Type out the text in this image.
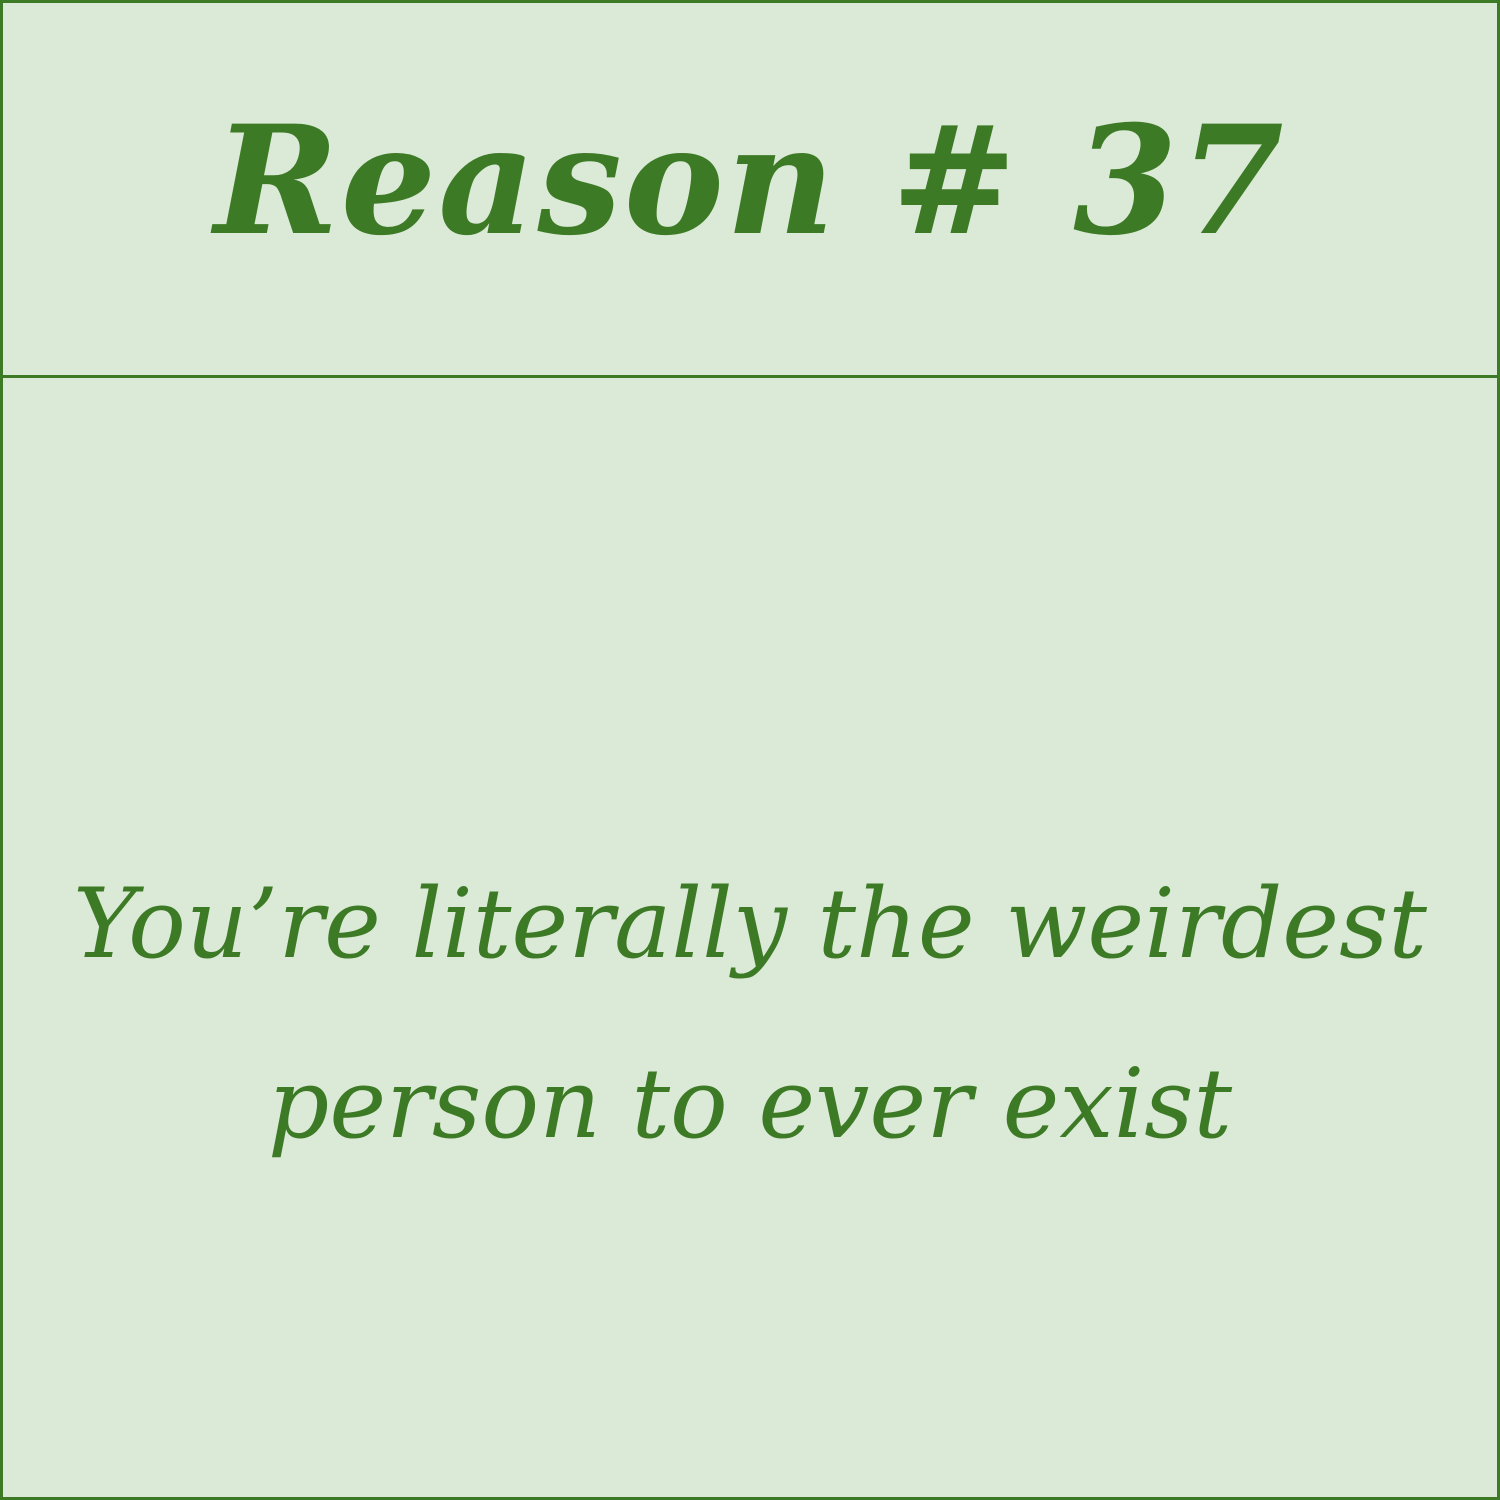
Reason # 37

You’re literally the weirdest person to ever exist
